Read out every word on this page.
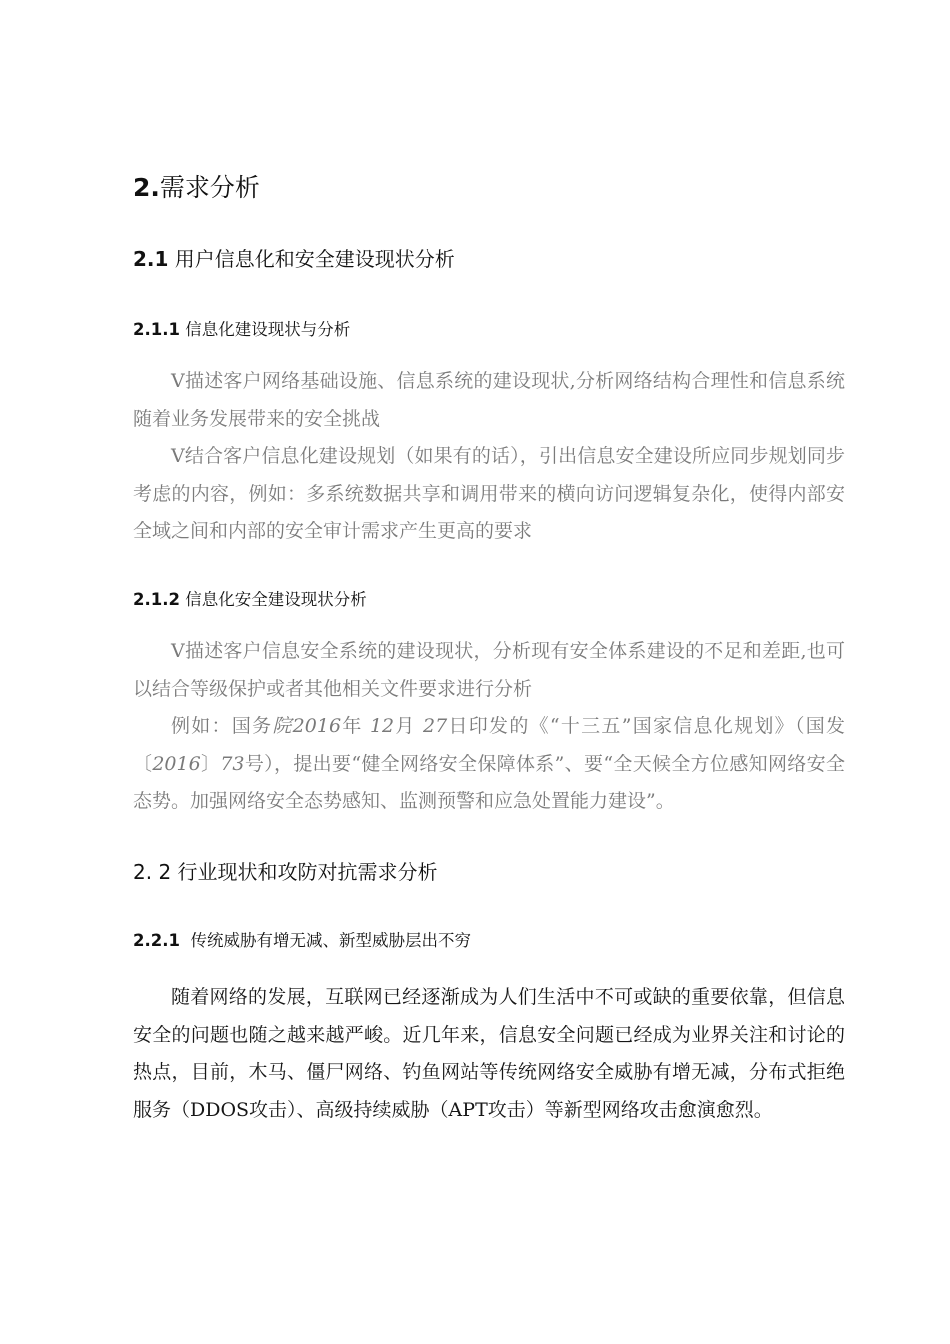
2.需求分析
2.1 用户信息化和安全建设现状分析
2.1.1 信息化建设现状与分析

V描述客户网络基础设施、信息系统的建设现状,分析网络结构合理性和信息系统随着业务发展带来的安全挑战

V结合客户信息化建设规划（如果有的话），引出信息安全建设所应同步规划同步考虑的内容，例如：多系统数据共享和调用带来的横向访问逻辑复杂化，使得内部安全域之间和内部的安全审计需求产生更高的要求

2.1.2 信息化安全建设现状分析

V描述客户信息安全系统的建设现状，分析现有安全体系建设的不足和差距,也可以结合等级保护或者其他相关文件要求进行分析

例如：国务院2016年 12月 27日印发的《“十三五”国家信息化规划》（国发〔2016〕73号），提出要“健全网络安全保障体系”、要“全天候全方位感知网络安全态势。加强网络安全态势感知、监测预警和应急处置能力建设”。

2. 2 行业现状和攻防对抗需求分析
2.2.1 传统威胁有增无减、新型威胁层出不穷

随着网络的发展，互联网已经逐渐成为人们生活中不可或缺的重要依靠，但信息安全的问题也随之越来越严峻。近几年来，信息安全问题已经成为业界关注和讨论的热点，目前，木马、僵尸网络、钓鱼网站等传统网络安全威胁有增无减，分布式拒绝服务（DDOS攻击）、高级持续威胁（APT攻击）等新型网络攻击愈演愈烈。
